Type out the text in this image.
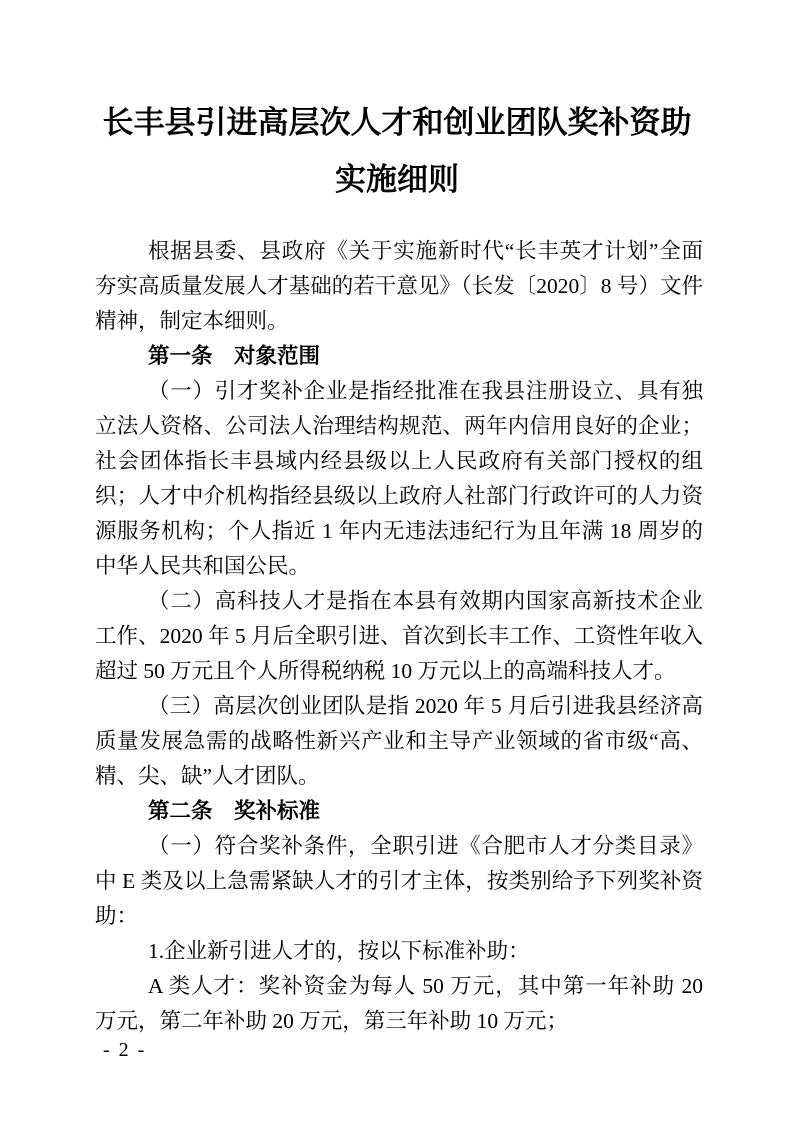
长丰县引进高层次人才和创业团队奖补资助
实施细则

根据县委、县政府《关于实施新时代“长丰英才计划”全面夯实高质量发展人才基础的若干意见》（长发〔2020〕8 号）文件精神，制定本细则。

第一条　对象范围

（一）引才奖补企业是指经批准在我县注册设立、具有独立法人资格、公司法人治理结构规范、两年内信用良好的企业；社会团体指长丰县域内经县级以上人民政府有关部门授权的组织；人才中介机构指经县级以上政府人社部门行政许可的人力资源服务机构；个人指近 1 年内无违法违纪行为且年满 18 周岁的中华人民共和国公民。

（二）高科技人才是指在本县有效期内国家高新技术企业工作、2020 年 5 月后全职引进、首次到长丰工作、工资性年收入超过 50 万元且个人所得税纳税 10 万元以上的高端科技人才。

（三）高层次创业团队是指 2020 年 5 月后引进我县经济高质量发展急需的战略性新兴产业和主导产业领域的省市级“高、精、尖、缺”人才团队。

第二条　奖补标准

（一）符合奖补条件，全职引进《合肥市人才分类目录》中 E 类及以上急需紧缺人才的引才主体，按类别给予下列奖补资助：

1.企业新引进人才的，按以下标准补助：

A 类人才：奖补资金为每人 50 万元，其中第一年补助 20 万元，第二年补助 20 万元，第三年补助 10 万元；

- 2 -
